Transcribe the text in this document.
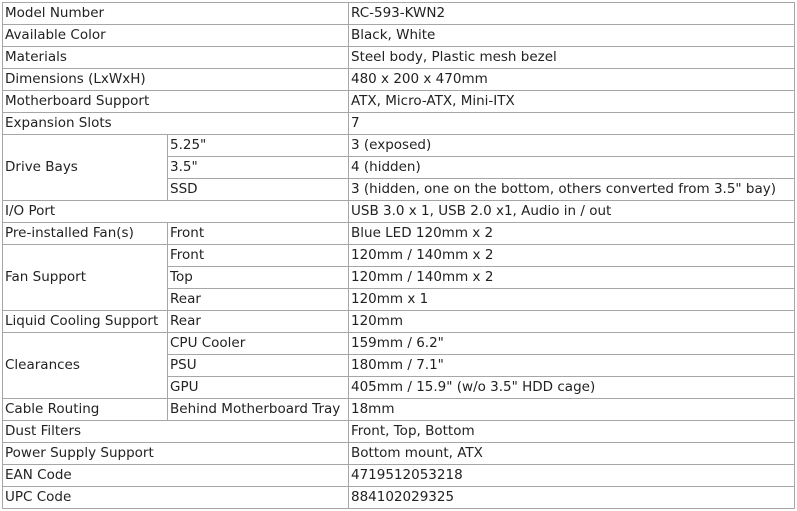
Model Number		RC-593-KWN2
Available Color		Black, White
Materials		Steel body, Plastic mesh bezel
Dimensions (LxWxH)		480 x 200 x 470mm
Motherboard Support		ATX, Micro-ATX, Mini-ITX
Expansion Slots		7
Drive Bays	5.25"	3 (exposed)
	3.5"	4 (hidden)
	SSD	3 (hidden, one on the bottom, others converted from 3.5" bay)
I/O Port		USB 3.0 x 1, USB 2.0 x1, Audio in / out
Pre-installed Fan(s)	Front	Blue LED 120mm x 2
Fan Support	Front	120mm / 140mm x 2
	Top	120mm / 140mm x 2
	Rear	120mm x 1
Liquid Cooling Support	Rear	120mm
Clearances	CPU Cooler	159mm / 6.2"
	PSU	180mm / 7.1"
	GPU	405mm / 15.9" (w/o 3.5" HDD cage)
Cable Routing	Behind Motherboard Tray	18mm
Dust Filters		Front, Top, Bottom
Power Supply Support		Bottom mount, ATX
EAN Code		4719512053218
UPC Code		884102029325
